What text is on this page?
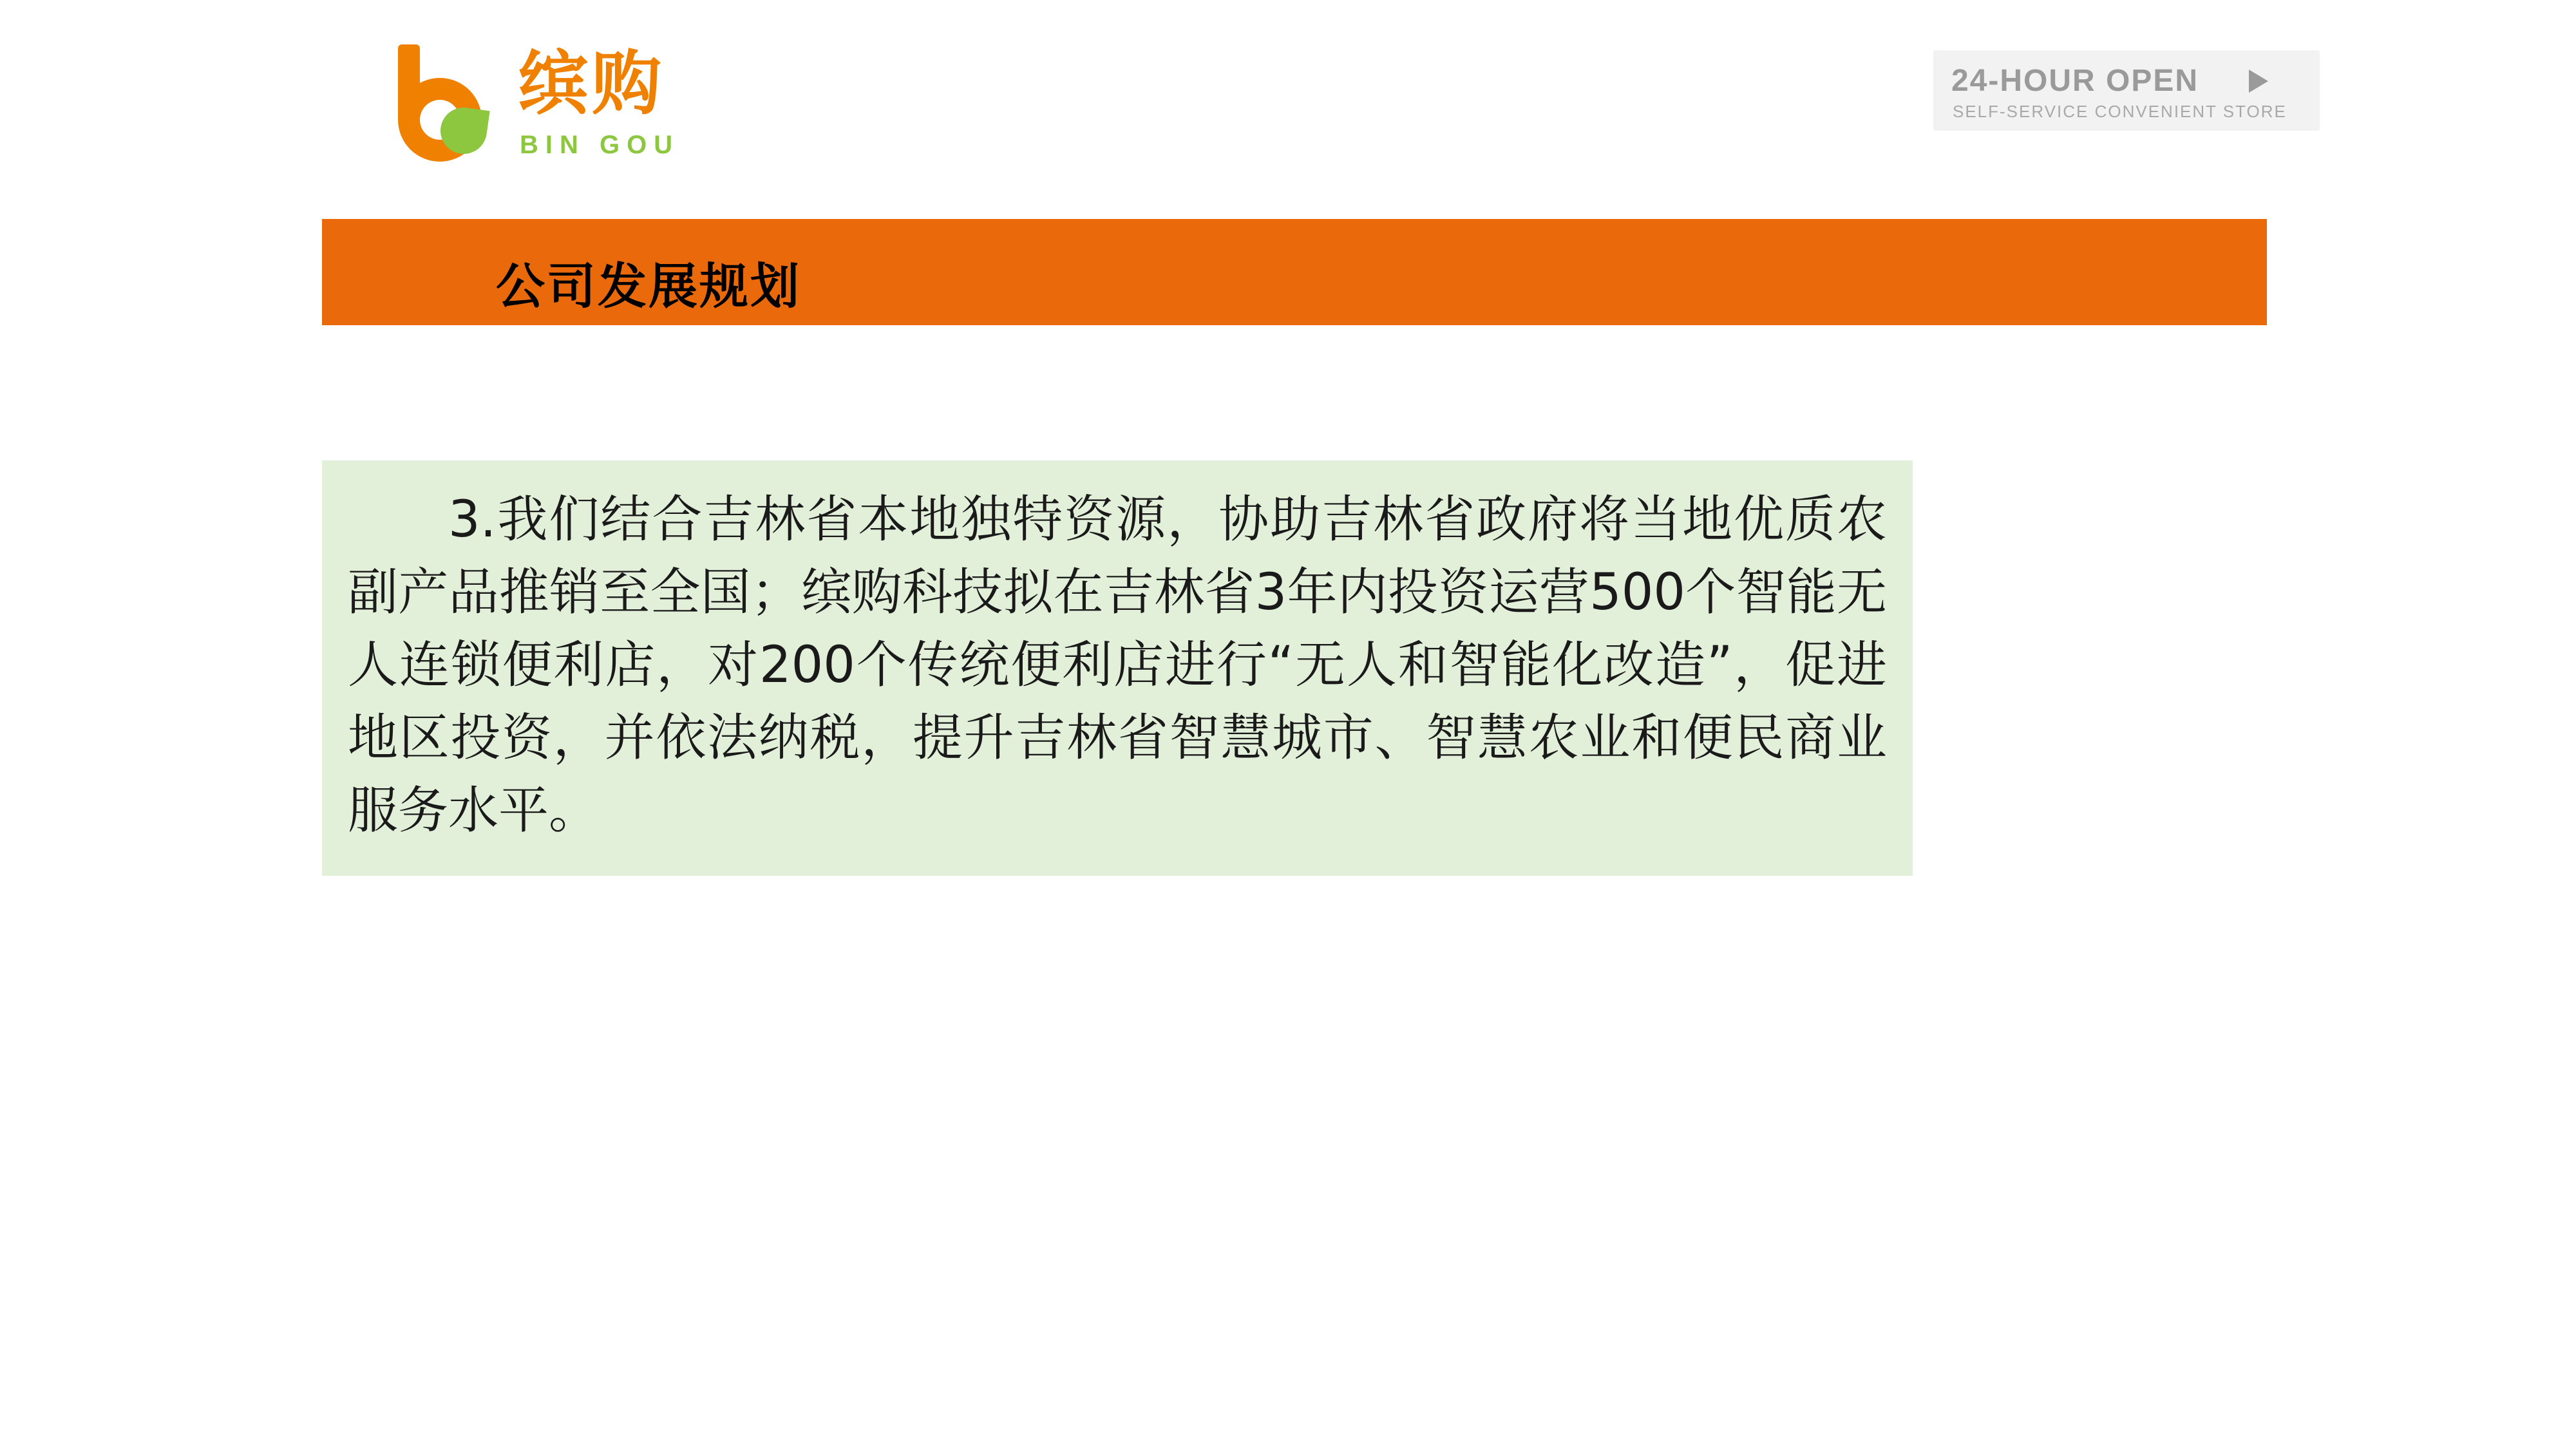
缤购
BIN GOU
24-HOUR OPEN
SELF-SERVICE CONVENIENT STORE
公司发展规划
3.我们结合吉林省本地独特资源，协助吉林省政府将当地优质农副产品推销至全国；缤购科技拟在吉林省3年内投资运营500个智能无人连锁便利店，对200个传统便利店进行“无人和智能化改造”，促进地区投资，并依法纳税，提升吉林省智慧城市、智慧农业和便民商业服务水平。
